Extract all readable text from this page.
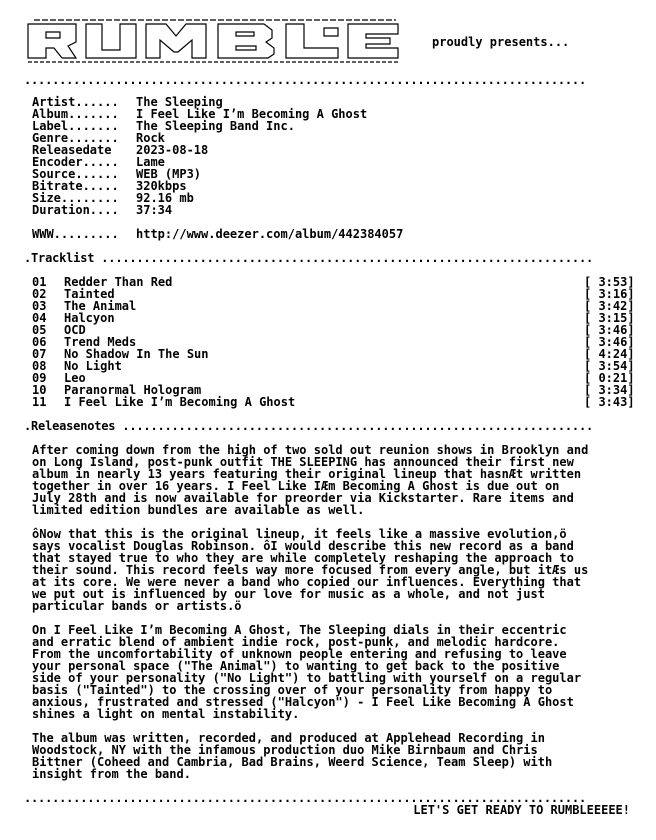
proudly presents...
................................................................................
Artist......	The Sleeping
Album.......	I Feel Like I’m Becoming A Ghost
Label.......	The Sleeping Band Inc.
Genre.......	Rock
Releasedate	2023-08-18
Encoder.....	Lame
Source......	WEB (MP3)
Bitrate.....	320kbps
Size........	92.16 mb
Duration....	37:34
WWW.........	http://www.deezer.com/album/442384057
.Tracklist ......................................................................
01	Redder Than Red	[ 3:53]
02	Tainted	[ 3:16]
03	The Animal	[ 3:42]
04	Halcyon	[ 3:15]
05	OCD	[ 3:46]
06	Trend Meds	[ 3:46]
07	No Shadow In The Sun	[ 4:24]
08	No Light	[ 3:54]
09	Leo	[ 0:21]
10	Paranormal Hologram	[ 3:34]
11	I Feel Like I’m Becoming A Ghost	[ 3:43]
.Releasenotes ...................................................................

After coming down from the high of two sold out reunion shows in Brooklyn and
on Long Island, post-punk outfit THE SLEEPING has announced their first new
album in nearly 13 years featuring their original lineup that hasnÆt written
together in over 16 years. I Feel Like IÆm Becoming A Ghost is due out on
July 28th and is now available for preorder via Kickstarter. Rare items and
limited edition bundles are available as well.

ôNow that this is the original lineup, it feels like a massive evolution,ö
says vocalist Douglas Robinson. ôI would describe this new record as a band
that stayed true to who they are while completely reshaping the approach to
their sound. This record feels way more focused from every angle, but itÆs us
at its core. We were never a band who copied our influences. Everything that
we put out is influenced by our love for music as a whole, and not just
particular bands or artists.ö

On I Feel Like I’m Becoming A Ghost, The Sleeping dials in their eccentric
and erratic blend of ambient indie rock, post-punk, and melodic hardcore.
From the uncomfortability of unknown people entering and refusing to leave
your personal space ("The Animal") to wanting to get back to the positive
side of your personality ("No Light") to battling with yourself on a regular
basis ("Tainted") to the crossing over of your personality from happy to
anxious, frustrated and stressed ("Halcyon") - I Feel Like Becoming A Ghost
shines a light on mental instability.

The album was written, recorded, and produced at Applehead Recording in
Woodstock, NY with the infamous production duo Mike Birnbaum and Chris
Bittner (Coheed and Cambria, Bad Brains, Weerd Science, Team Sleep) with
insight from the band.

................................................................................
LET'S GET READY TO RUMBLEEEEE!
